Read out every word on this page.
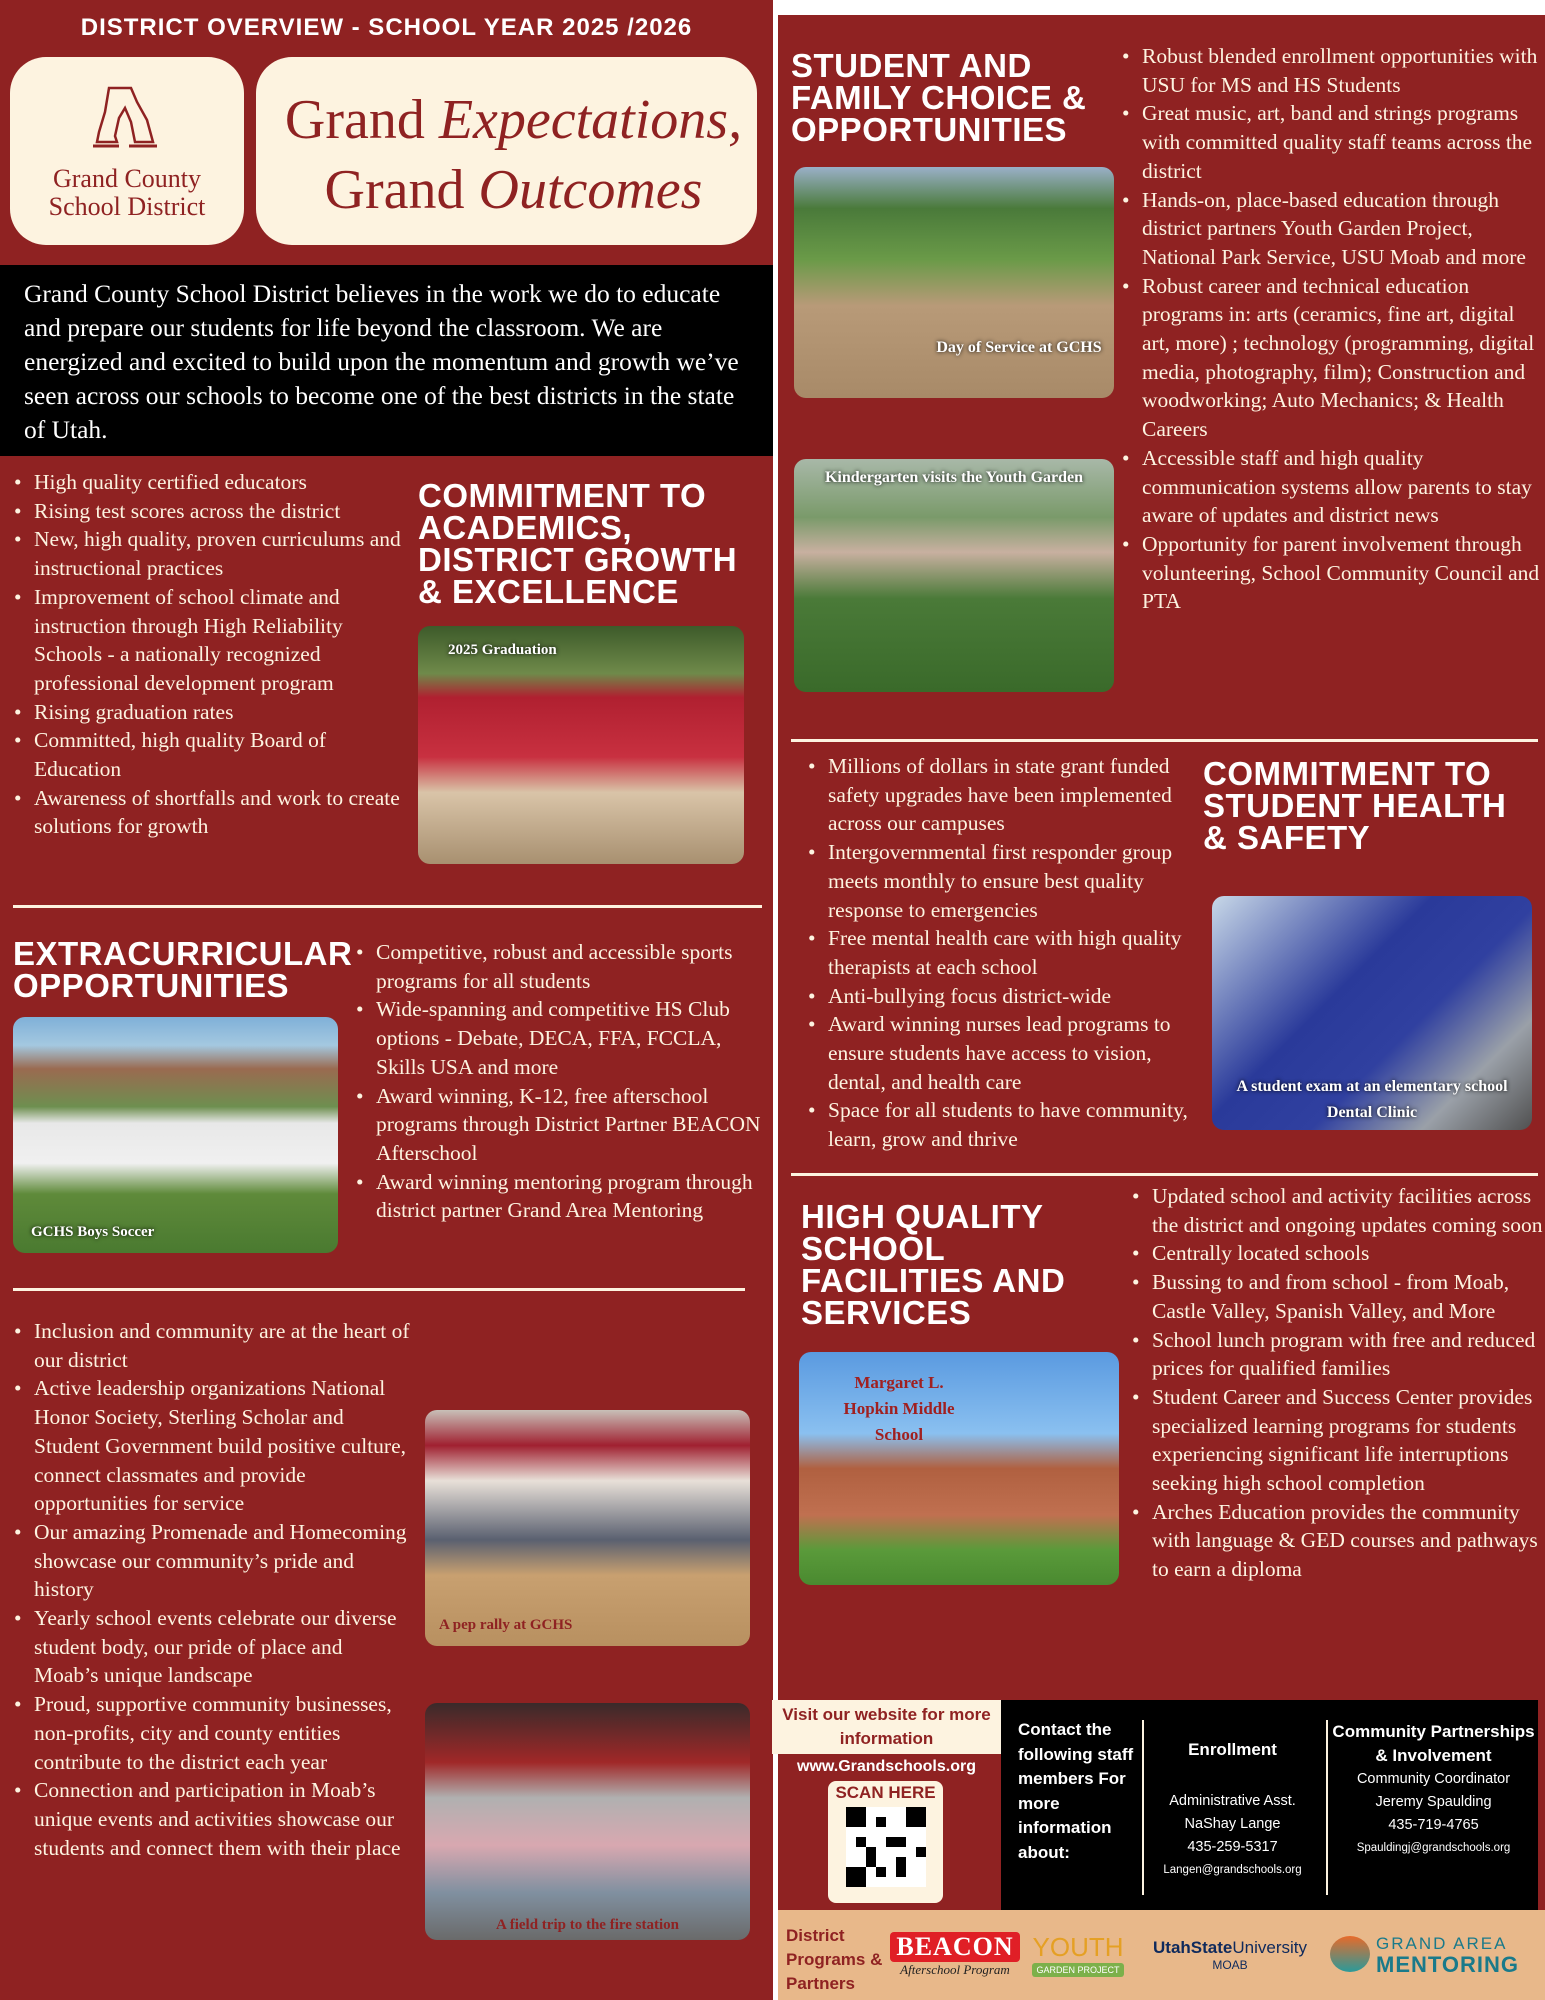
DISTRICT OVERVIEW - SCHOOL YEAR 2025 /2026
Grand County
School District
Grand Expectations,
Grand Outcomes
Grand County School District believes in the work we do to educate and prepare our students for life beyond the classroom. We are energized and excited to build upon the momentum and growth we’ve seen across our schools to become one of the best districts in the state of Utah.
• High quality certified educators
• Rising test scores across the district
• New, high quality, proven curriculums and instructional practices
• Improvement of school climate and instruction through High Reliability Schools - a nationally recognized professional development program
• Rising graduation rates
• Committed, high quality Board of Education
• Awareness of shortfalls and work to create solutions for growth
COMMITMENT TO ACADEMICS, DISTRICT GROWTH & EXCELLENCE
2025 Graduation
EXTRACURRICULAR OPPORTUNITIES
GCHS Boys Soccer
• Competitive, robust and accessible sports programs for all students
• Wide-spanning and competitive HS Club options - Debate, DECA, FFA, FCCLA, Skills USA and more
• Award winning, K-12, free afterschool programs through District Partner BEACON Afterschool
• Award winning mentoring program through district partner Grand Area Mentoring
• Inclusion and community are at the heart of our district
• Active leadership organizations National Honor Society, Sterling Scholar and Student Government build positive culture, connect classmates and provide opportunities for service
• Our amazing Promenade and Homecoming showcase our community’s pride and history
• Yearly school events celebrate our diverse student body, our pride of place and Moab’s unique landscape
• Proud, supportive community businesses, non-profits, city and county entities contribute to the district each year
• Connection and participation in Moab’s unique events and activities showcase our students and connect them with their place
A pep rally at GCHS
A field trip to the fire station
STUDENT AND FAMILY CHOICE & OPPORTUNITIES
• Robust blended enrollment opportunities with USU for MS and HS Students
• Great music, art, band and strings programs with committed quality staff teams across the district
• Hands-on, place-based education through district partners Youth Garden Project, National Park Service, USU Moab and more
• Robust career and technical education programs in: arts (ceramics, fine art, digital art, more) ; technology (programming, digital media, photography, film); Construction and woodworking; Auto Mechanics; & Health Careers
• Accessible staff and high quality communication systems allow parents to stay aware of updates and district news
• Opportunity for parent involvement through volunteering, School Community Council and PTA
Day of Service at GCHS
Kindergarten visits the Youth Garden
• Millions of dollars in state grant funded safety upgrades have been implemented across our campuses
• Intergovernmental first responder group meets monthly to ensure best quality response to emergencies
• Free mental health care with high quality therapists at each school
• Anti-bullying focus district-wide
• Award winning nurses lead programs to ensure students have access to vision, dental, and health care
• Space for all students to have community, learn, grow and thrive
COMMITMENT TO STUDENT HEALTH & SAFETY
A student exam at an elementary school Dental Clinic
HIGH QUALITY SCHOOL FACILITIES AND SERVICES
Margaret L. Hopkin Middle School
• Updated school and activity facilities across the district and ongoing updates coming soon
• Centrally located schools
• Bussing to and from school - from Moab, Castle Valley, Spanish Valley, and More
• School lunch program with free and reduced prices for qualified families
• Student Career and Success Center provides specialized learning programs for students experiencing significant life interruptions seeking high school completion
• Arches Education provides the community with language & GED courses and pathways to earn a diploma
Visit our website for more information
www.Grandschools.org
SCAN HERE
Contact the following staff members For more information about:
Enrollment
Administrative Asst.
NaShay Lange
435-259-5317
Langen@grandschools.org
Community Partnerships & Involvement
Community Coordinator
Jeremy Spaulding
435-719-4765
Spauldingj@grandschools.org
District Programs & Partners
BEACON
Afterschool Program
YOUTH
GARDEN PROJECT
UtahStateUniversity
MOAB
GRAND AREA
MENTORING
